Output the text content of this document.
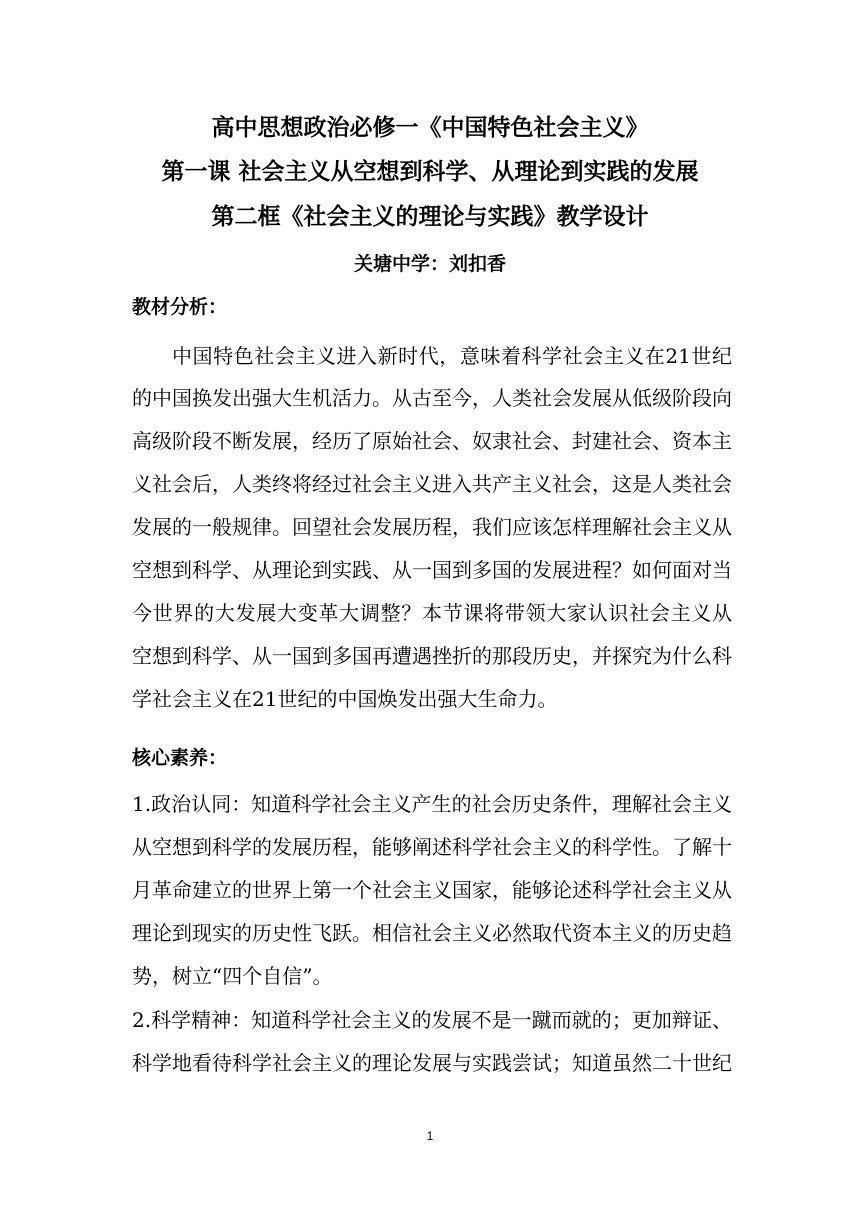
高中思想政治必修一《中国特色社会主义》
第一课 社会主义从空想到科学、从理论到实践的发展
第二框《社会主义的理论与实践》教学设计
关塘中学：刘扣香
教材分析：
中国特色社会主义进入新时代，意味着科学社会主义在21世纪
的中国换发出强大生机活力。从古至今，人类社会发展从低级阶段向
高级阶段不断发展，经历了原始社会、奴隶社会、封建社会、资本主
义社会后，人类终将经过社会主义进入共产主义社会，这是人类社会
发展的一般规律。回望社会发展历程，我们应该怎样理解社会主义从
空想到科学、从理论到实践、从一国到多国的发展进程？如何面对当
今世界的大发展大变革大调整？本节课将带领大家认识社会主义从
空想到科学、从一国到多国再遭遇挫折的那段历史，并探究为什么科
学社会主义在21世纪的中国焕发出强大生命力。
核心素养：
1.政治认同：知道科学社会主义产生的社会历史条件，理解社会主义
从空想到科学的发展历程，能够阐述科学社会主义的科学性。了解十
月革命建立的世界上第一个社会主义国家，能够论述科学社会主义从
理论到现实的历史性飞跃。相信社会主义必然取代资本主义的历史趋
势，树立“四个自信”。
2.科学精神：知道科学社会主义的发展不是一蹴而就的；更加辩证、
科学地看待科学社会主义的理论发展与实践尝试；知道虽然二十世纪
1
